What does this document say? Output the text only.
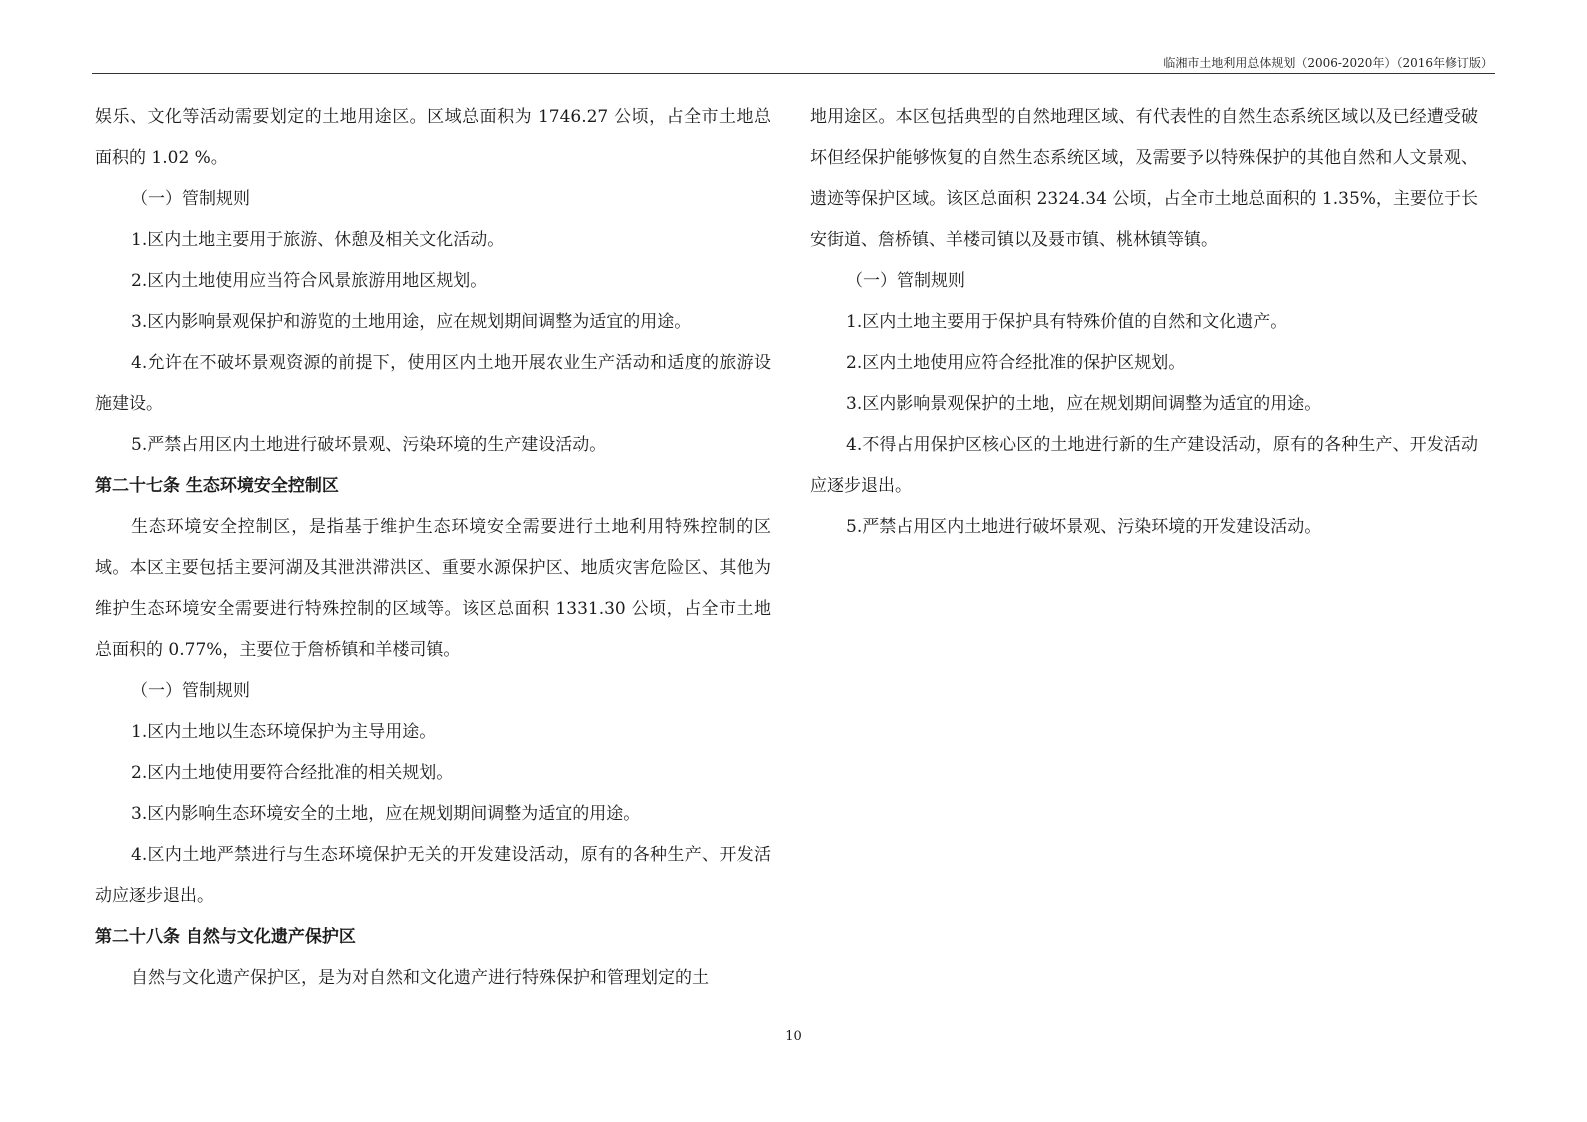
临湘市土地利用总体规划（2006-2020年）（2016年修订版）

娱乐、文化等活动需要划定的土地用途区。区域总面积为 1746.27 公顷，占全市土地总面积的 1.02 %。

（一）管制规则

1.区内土地主要用于旅游、休憩及相关文化活动。

2.区内土地使用应当符合风景旅游用地区规划。

3.区内影响景观保护和游览的土地用途，应在规划期间调整为适宜的用途。

4.允许在不破坏景观资源的前提下，使用区内土地开展农业生产活动和适度的旅游设施建设。

5.严禁占用区内土地进行破坏景观、污染环境的生产建设活动。

第二十七条 生态环境安全控制区

生态环境安全控制区，是指基于维护生态环境安全需要进行土地利用特殊控制的区域。本区主要包括主要河湖及其泄洪滞洪区、重要水源保护区、地质灾害危险区、其他为维护生态环境安全需要进行特殊控制的区域等。该区总面积 1331.30 公顷，占全市土地总面积的 0.77%，主要位于詹桥镇和羊楼司镇。

（一）管制规则

1.区内土地以生态环境保护为主导用途。

2.区内土地使用要符合经批准的相关规划。

3.区内影响生态环境安全的土地，应在规划期间调整为适宜的用途。

4.区内土地严禁进行与生态环境保护无关的开发建设活动，原有的各种生产、开发活动应逐步退出。

第二十八条 自然与文化遗产保护区

自然与文化遗产保护区，是为对自然和文化遗产进行特殊保护和管理划定的土

地用途区。本区包括典型的自然地理区域、有代表性的自然生态系统区域以及已经遭受破坏但经保护能够恢复的自然生态系统区域，及需要予以特殊保护的其他自然和人文景观、遗迹等保护区域。该区总面积 2324.34 公顷，占全市土地总面积的 1.35%，主要位于长安街道、詹桥镇、羊楼司镇以及聂市镇、桃林镇等镇。

（一）管制规则

1.区内土地主要用于保护具有特殊价值的自然和文化遗产。

2.区内土地使用应符合经批准的保护区规划。

3.区内影响景观保护的土地，应在规划期间调整为适宜的用途。

4.不得占用保护区核心区的土地进行新的生产建设活动，原有的各种生产、开发活动应逐步退出。

5.严禁占用区内土地进行破坏景观、污染环境的开发建设活动。

10
